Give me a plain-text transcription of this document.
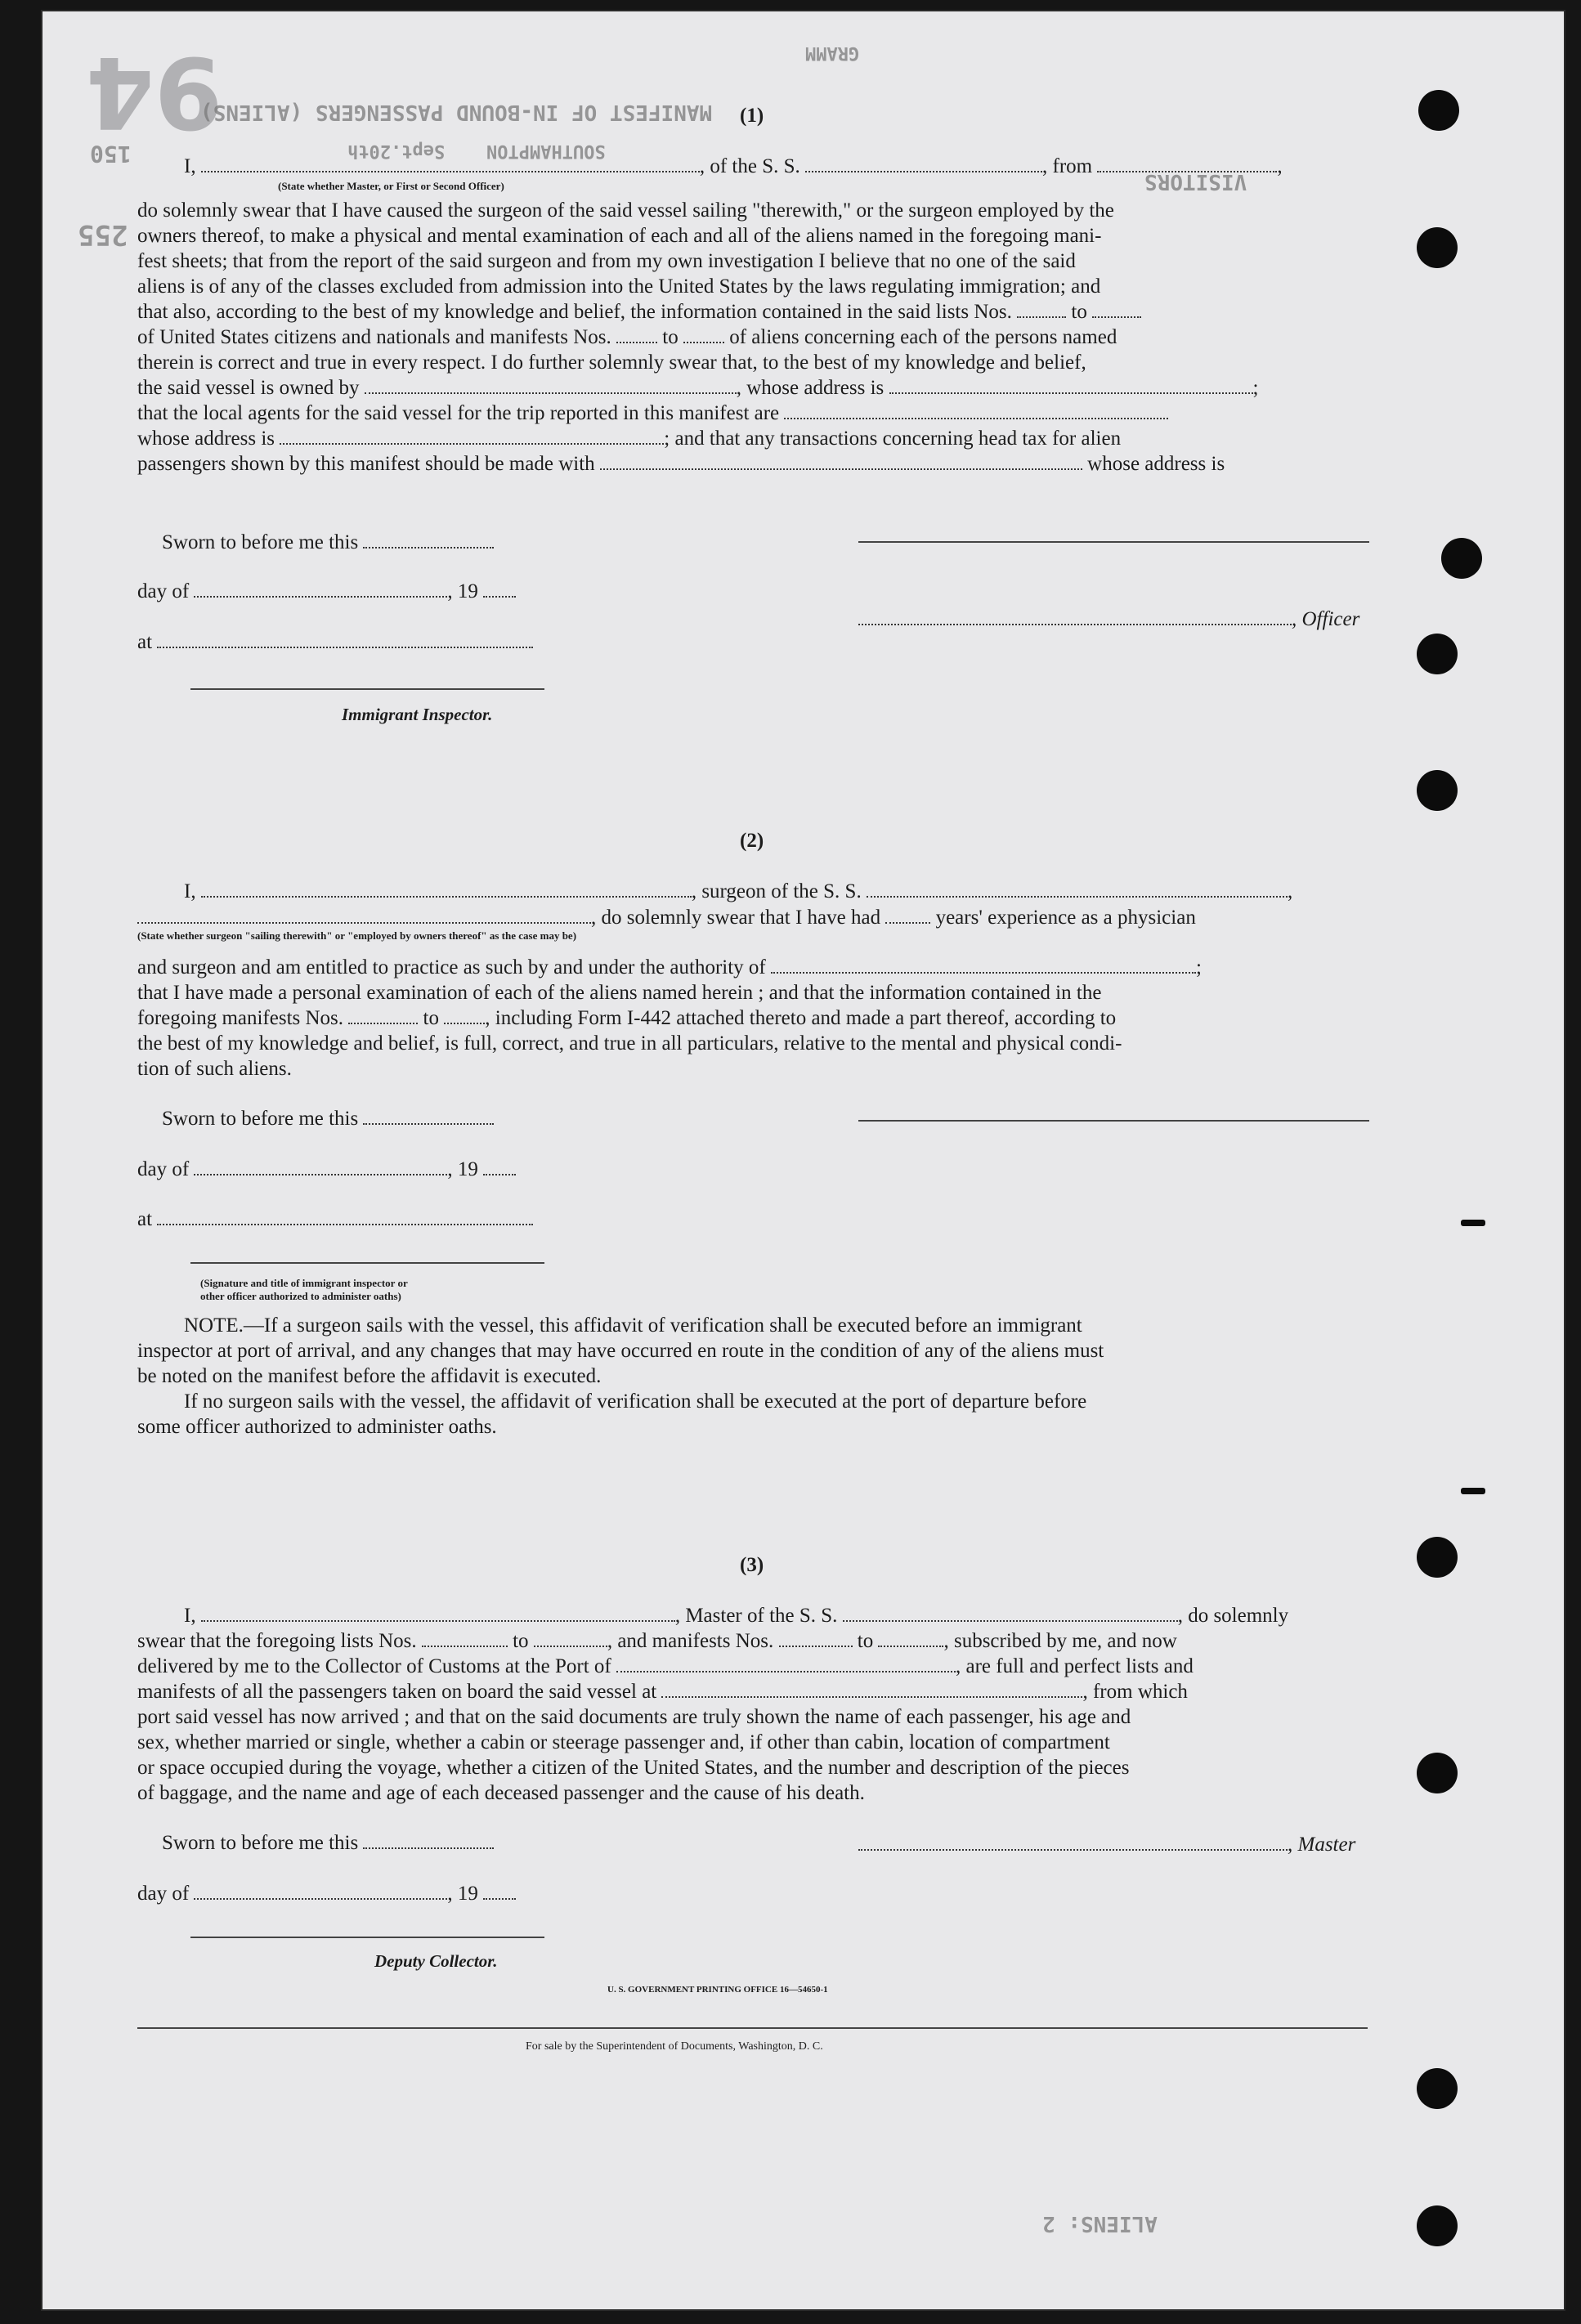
94
150
255
MANIFEST OF IN-BOUND PASSENGERS (ALIENS)
GRAMM
Sept.20th SOUTHAMPTON
VISITORS
ALIENS: 2
(1)
I,	, of the S. S.	, from	,
(State whether Master, or First or Second Officer)
do solemnly swear that I have caused the surgeon of the said vessel sailing "therewith," or the surgeon employed by the
owners thereof, to make a physical and mental examination of each and all of the aliens named in the foregoing mani-
fest sheets; that from the report of the said surgeon and from my own investigation I believe that no one of the said
aliens is of any of the classes excluded from admission into the United States by the laws regulating immigration; and
that also, according to the best of my knowledge and belief, the information contained in the said lists Nos.	to
of United States citizens and nationals and manifests Nos.	to	of aliens concerning each of the persons named
therein is correct and true in every respect. I do further solemnly swear that, to the best of my knowledge and belief,
the said vessel is owned by	, whose address is	;
that the local agents for the said vessel for the trip reported in this manifest are
whose address is	; and that any transactions concerning head tax for alien
passengers shown by this manifest should be made with	whose address is
Sworn to before me this
day of	, 19
, Officer
at
Immigrant Inspector.
(2)
I,	, surgeon of the S. S.	,
, do solemnly swear that I have had	years' experience as a physician
(State whether surgeon "sailing therewith" or "employed by owners thereof" as the case may be)
and surgeon and am entitled to practice as such by and under the authority of	;
that I have made a personal examination of each of the aliens named herein ; and that the information contained in the
foregoing manifests Nos.	to , including Form I-442 attached thereto and made a part thereof, according to
the best of my knowledge and belief, is full, correct, and true in all particulars, relative to the mental and physical condi-
tion of such aliens.
Sworn to before me this
day of	, 19
at
(Signature and title of immigrant inspector or
other officer authorized to administer oaths)
NOTE.—If a surgeon sails with the vessel, this affidavit of verification shall be executed before an immigrant
inspector at port of arrival, and any changes that may have occurred en route in the condition of any of the aliens must
be noted on the manifest before the affidavit is executed.
If no surgeon sails with the vessel, the affidavit of verification shall be executed at the port of departure before
some officer authorized to administer oaths.
(3)
I,	, Master of the S. S.	, do solemnly
swear that the foregoing lists Nos.	to	, and manifests Nos.	to	, subscribed by me, and now
delivered by me to the Collector of Customs at the Port of	, are full and perfect lists and
manifests of all the passengers taken on board the said vessel at	, from which
port said vessel has now arrived ; and that on the said documents are truly shown the name of each passenger, his age and
sex, whether married or single, whether a cabin or steerage passenger and, if other than cabin, location of compartment
or space occupied during the voyage, whether a citizen of the United States, and the number and description of the pieces
of baggage, and the name and age of each deceased passenger and the cause of his death.
Sworn to before me this	, Master
day of	, 19
Deputy Collector.
U. S. GOVERNMENT PRINTING OFFICE 16—54650-1
For sale by the Superintendent of Documents, Washington, D. C.
